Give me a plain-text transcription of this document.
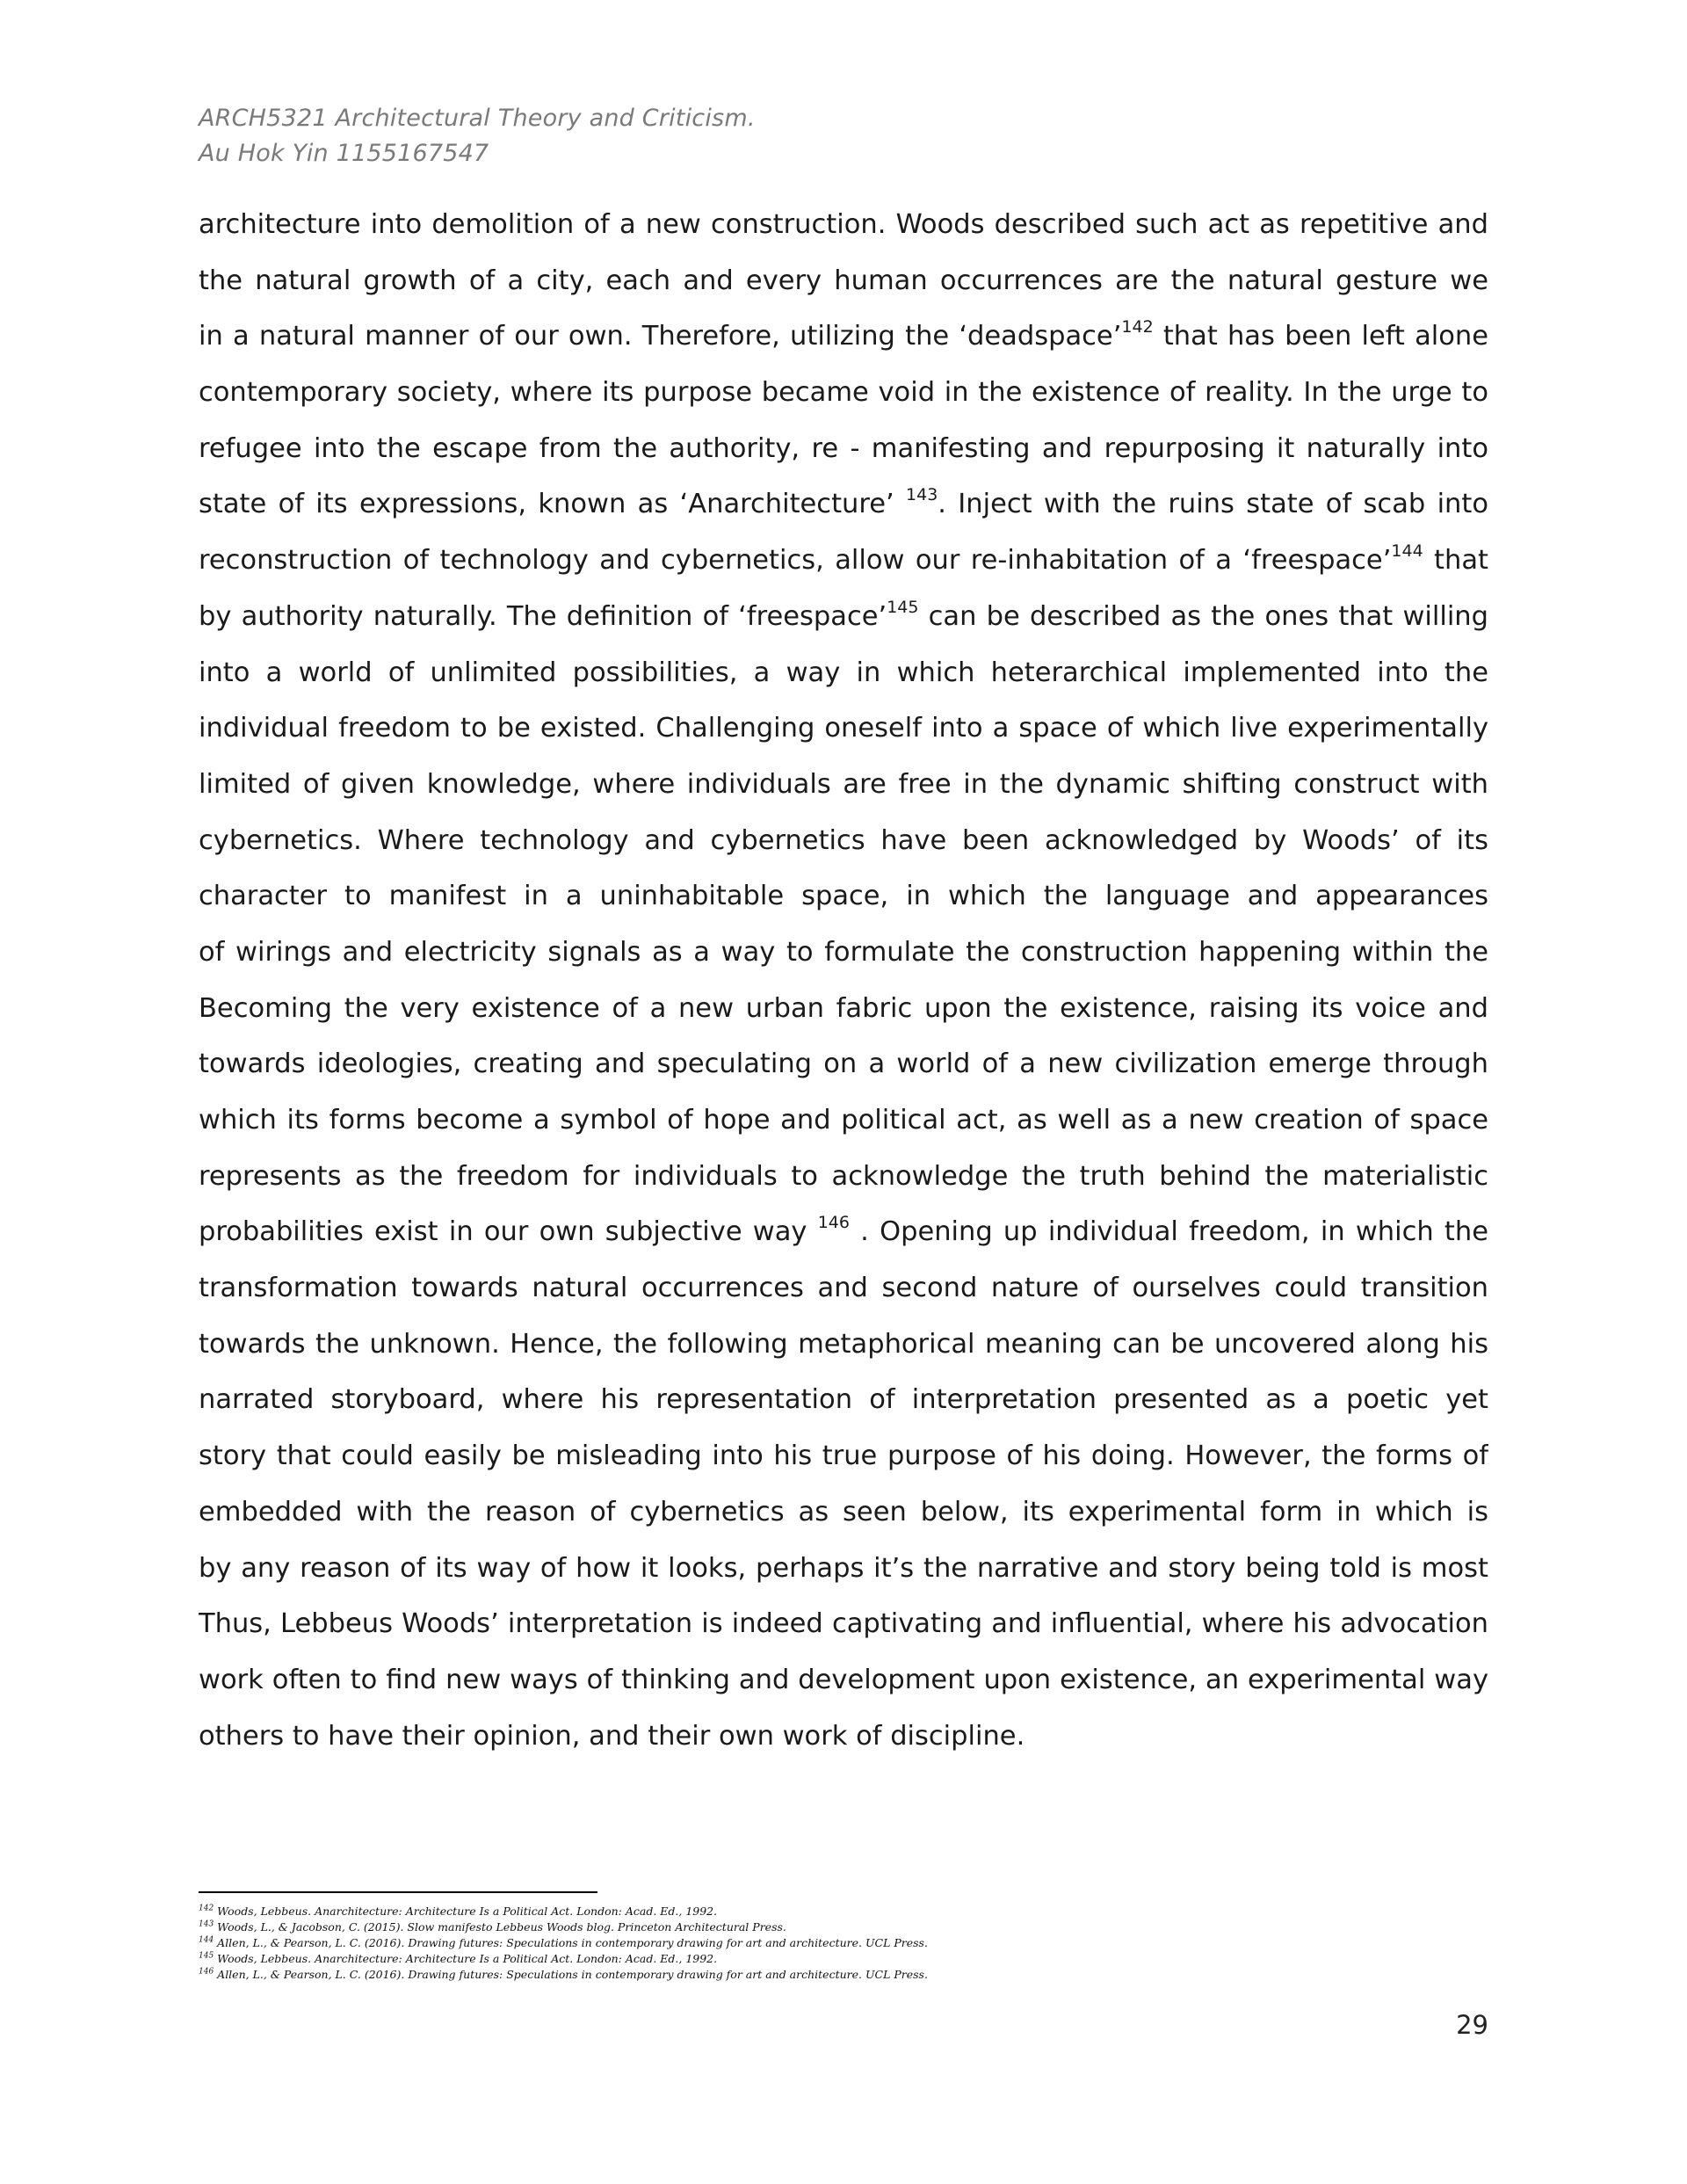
ARCH5321 Architectural Theory and Criticism.
Au Hok Yin 1155167547
architecture into demolition of a new construction. Woods described such act as repetitive and
the natural growth of a city, each and every human occurrences are the natural gesture we
in a natural manner of our own. Therefore, utilizing the ‘deadspace’$^{142}$ that has been left alone
contemporary society, where its purpose became void in the existence of reality. In the urge to
refugee into the escape from the authority, re - manifesting and repurposing it naturally into
state of its expressions, known as ‘Anarchitecture’ $^{143}$. Inject with the ruins state of scab into
reconstruction of technology and cybernetics, allow our re-inhabitation of a ‘freespace’$^{144}$ that
by authority naturally. The definition of ‘freespace’$^{145}$ can be described as the ones that willing
into a world of unlimited possibilities, a way in which heterarchical implemented into the
individual freedom to be existed. Challenging oneself into a space of which live experimentally
limited of given knowledge, where individuals are free in the dynamic shifting construct with
cybernetics. Where technology and cybernetics have been acknowledged by Woods’ of its
character to manifest in a uninhabitable space, in which the language and appearances
of wirings and electricity signals as a way to formulate the construction happening within the
Becoming the very existence of a new urban fabric upon the existence, raising its voice and
towards ideologies, creating and speculating on a world of a new civilization emerge through
which its forms become a symbol of hope and political act, as well as a new creation of space
represents as the freedom for individuals to acknowledge the truth behind the materialistic
probabilities exist in our own subjective way $^{146}$ . Opening up individual freedom, in which the
transformation towards natural occurrences and second nature of ourselves could transition
towards the unknown. Hence, the following metaphorical meaning can be uncovered along his
narrated storyboard, where his representation of interpretation presented as a poetic yet
story that could easily be misleading into his true purpose of his doing. However, the forms of
embedded with the reason of cybernetics as seen below, its experimental form in which is
by any reason of its way of how it looks, perhaps it’s the narrative and story being told is most
Thus, Lebbeus Woods’ interpretation is indeed captivating and influential, where his advocation
work often to find new ways of thinking and development upon existence, an experimental way
others to have their opinion, and their own work of discipline.
$^{142}$ Woods, Lebbeus. Anarchitecture: Architecture Is a Political Act. London: Acad. Ed., 1992.
$^{143}$ Woods, L., & Jacobson, C. (2015). Slow manifesto Lebbeus Woods blog. Princeton Architectural Press.
$^{144}$ Allen, L., & Pearson, L. C. (2016). Drawing futures: Speculations in contemporary drawing for art and architecture. UCL Press.
$^{145}$ Woods, Lebbeus. Anarchitecture: Architecture Is a Political Act. London: Acad. Ed., 1992.
$^{146}$ Allen, L., & Pearson, L. C. (2016). Drawing futures: Speculations in contemporary drawing for art and architecture. UCL Press.
29
